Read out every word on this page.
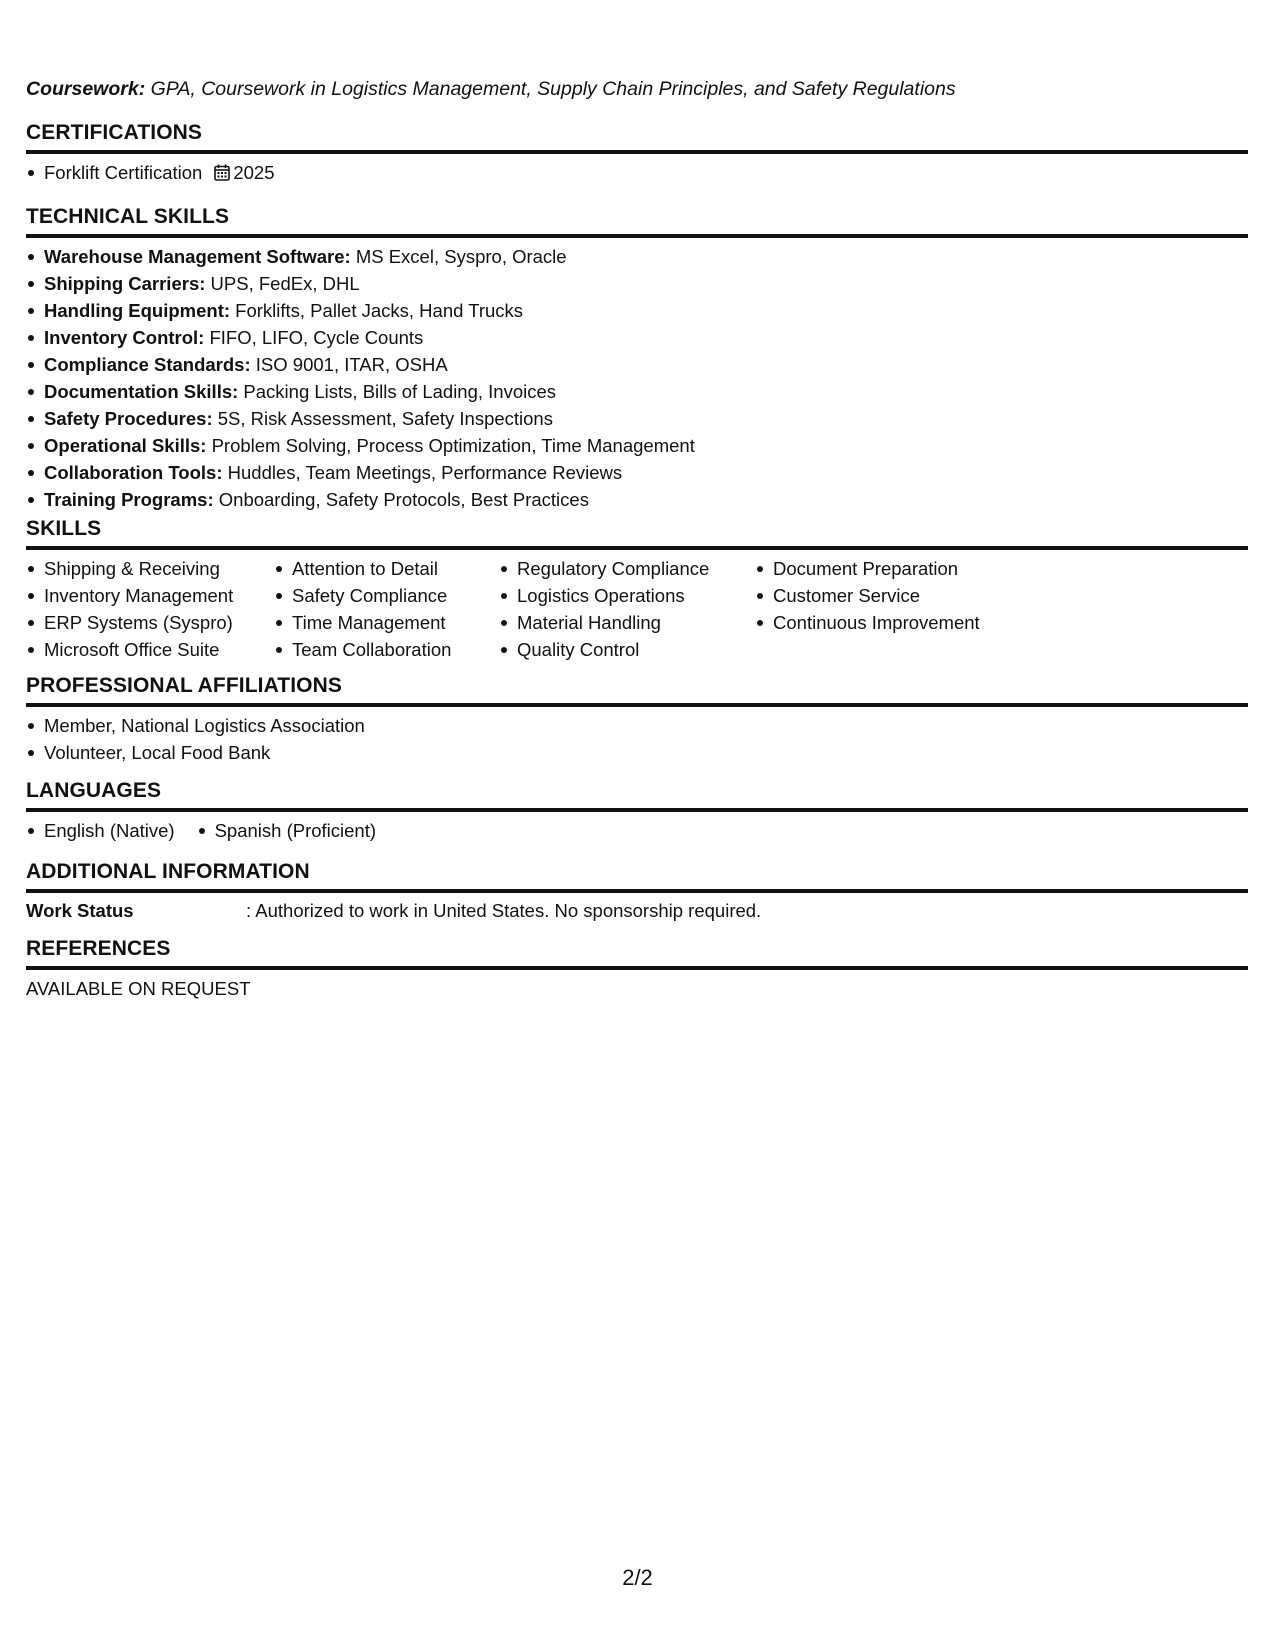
Coursework: GPA, Coursework in Logistics Management, Supply Chain Principles, and Safety Regulations
CERTIFICATIONS
Forklift Certification 2025
TECHNICAL SKILLS
Warehouse Management Software: MS Excel, Syspro, Oracle
Shipping Carriers: UPS, FedEx, DHL
Handling Equipment: Forklifts, Pallet Jacks, Hand Trucks
Inventory Control: FIFO, LIFO, Cycle Counts
Compliance Standards: ISO 9001, ITAR, OSHA
Documentation Skills: Packing Lists, Bills of Lading, Invoices
Safety Procedures: 5S, Risk Assessment, Safety Inspections
Operational Skills: Problem Solving, Process Optimization, Time Management
Collaboration Tools: Huddles, Team Meetings, Performance Reviews
Training Programs: Onboarding, Safety Protocols, Best Practices
SKILLS
Shipping & Receiving
Inventory Management
ERP Systems (Syspro)
Microsoft Office Suite
Attention to Detail
Safety Compliance
Time Management
Team Collaboration
Regulatory Compliance
Logistics Operations
Material Handling
Quality Control
Document Preparation
Customer Service
Continuous Improvement
PROFESSIONAL AFFILIATIONS
Member, National Logistics Association
Volunteer, Local Food Bank
LANGUAGES
English (Native)	Spanish (Proficient)
ADDITIONAL INFORMATION
Work Status	: Authorized to work in United States. No sponsorship required.
REFERENCES
AVAILABLE ON REQUEST
2/2
